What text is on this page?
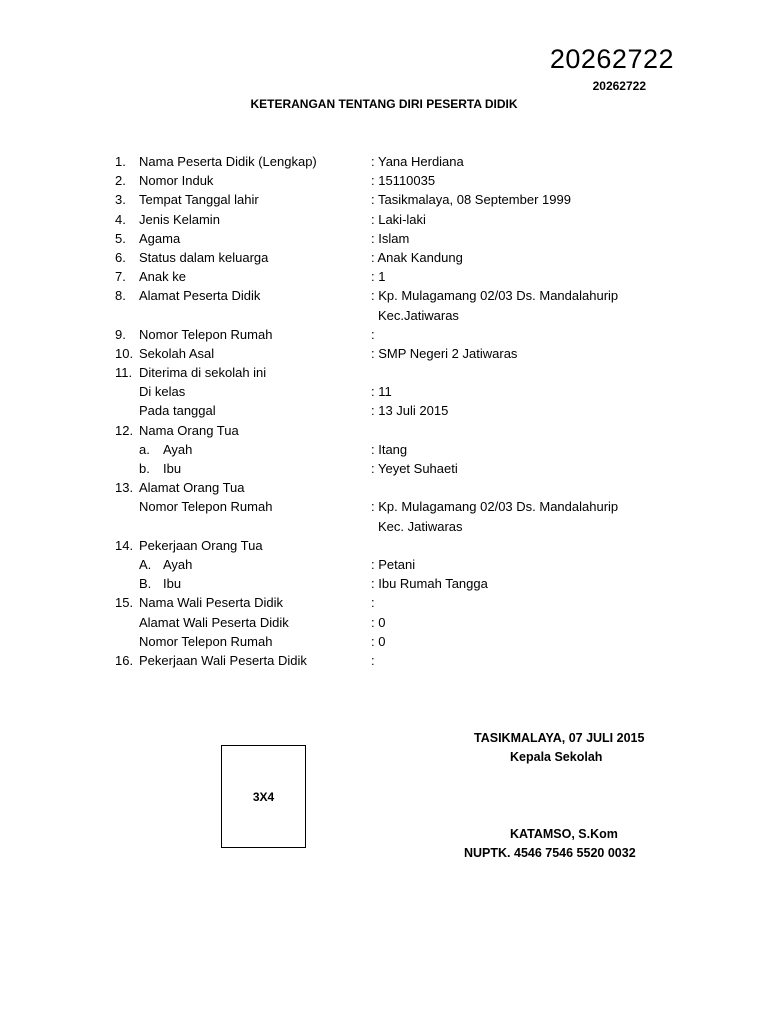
20262722
20262722
KETERANGAN TENTANG DIRI PESERTA DIDIK
1. Nama Peserta Didik (Lengkap)	: Yana Herdiana
2. Nomor Induk	: 15110035
3. Tempat Tanggal lahir	: Tasikmalaya, 08 September 1999
4. Jenis Kelamin	: Laki-laki
5. Agama	: Islam
6. Status dalam keluarga	: Anak Kandung
7. Anak ke	: 1
8. Alamat Peserta Didik	: Kp. Mulagamang 02/03 Ds. Mandalahurip
Kec.Jatiwaras
9. Nomor Telepon Rumah	:
10. Sekolah Asal	: SMP Negeri 2 Jatiwaras
11. Diterima di sekolah ini
Di kelas	: 11
Pada tanggal	: 13 Juli 2015
12. Nama Orang Tua
a. Ayah	: Itang
b. Ibu	: Yeyet Suhaeti
13. Alamat Orang Tua
Nomor Telepon Rumah	: Kp. Mulagamang 02/03 Ds. Mandalahurip
Kec. Jatiwaras
14. Pekerjaan Orang Tua
A. Ayah	: Petani
B. Ibu	: Ibu Rumah Tangga
15. Nama Wali Peserta Didik	:
Alamat Wali Peserta Didik	: 0
Nomor Telepon Rumah	: 0
16. Pekerjaan Wali Peserta Didik	:
3X4
TASIKMALAYA, 07 JULI 2015
Kepala Sekolah
KATAMSO, S.Kom
NUPTK. 4546 7546 5520 0032
